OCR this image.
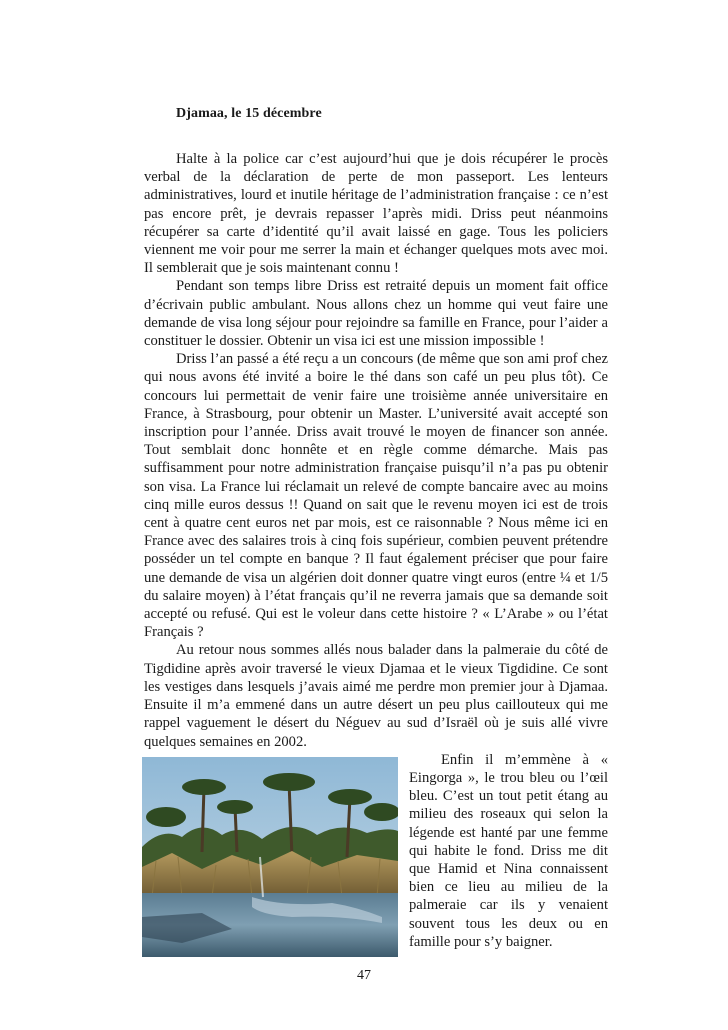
Djamaa, le 15 décembre

Halte à la police car c’est aujourd’hui que je dois récupérer le procès verbal de la déclaration de perte de mon passeport. Les lenteurs administratives, lourd et inutile héritage de l’administration française : ce n’est pas encore prêt, je devrais repasser l’après midi. Driss peut néanmoins récupérer sa carte d’identité qu’il avait laissé en gage. Tous les policiers viennent me voir pour me serrer la main et échanger quelques mots avec moi. Il semblerait que je sois maintenant connu !

Pendant son temps libre Driss est retraité depuis un moment fait office d’écrivain public ambulant. Nous allons chez un homme qui veut faire une demande de visa long séjour pour rejoindre sa famille en France, pour l’aider a constituer le dossier. Obtenir un visa ici est une mission impossible !

Driss l’an passé a été reçu a un concours (de même que son ami prof chez qui nous avons été invité a boire le thé dans son café un peu plus tôt). Ce concours lui permettait de venir faire une troisième année universitaire en France, à Strasbourg, pour obtenir un Master. L’université avait accepté son inscription pour l’année. Driss avait trouvé le moyen de financer son année. Tout semblait donc honnête et en règle comme démarche. Mais pas suffisamment pour notre administration française puisqu’il n’a pas pu obtenir son visa. La France lui réclamait un relevé de compte bancaire avec au moins cinq mille euros dessus !! Quand on sait que le revenu moyen ici est de trois cent à quatre cent euros net par mois, est ce raisonnable ? Nous même ici en France avec des salaires trois à cinq fois supérieur, combien peuvent prétendre posséder un tel compte en banque ? Il faut également préciser que pour faire une demande de visa un algérien doit donner quatre vingt euros (entre ¼ et 1/5 du salaire moyen) à l’état français qu’il ne reverra jamais que sa demande soit accepté ou refusé. Qui est le voleur dans cette histoire ? « L’Arabe » ou l’état Français ?

Au retour nous sommes allés nous balader dans la palmeraie du côté de Tigdidine après avoir traversé le vieux Djamaa et le vieux Tigdidine. Ce sont les vestiges dans lesquels j’avais aimé me perdre mon premier jour à Djamaa. Ensuite il m’a emmené dans un autre désert un peu plus caillouteux qui me rappel vaguement le désert du Néguev au sud d’Israël où je suis allé vivre quelques semaines en 2002.

Enfin il m’emmène à « Eingorga », le trou bleu ou l’œil bleu. C’est un tout petit étang au milieu des roseaux qui selon la légende est hanté par une femme qui habite le fond. Driss me dit que Hamid et Nina connaissent bien ce lieu au milieu de la palmeraie car ils y venaient souvent tous les deux ou en famille pour s’y baigner.

47
